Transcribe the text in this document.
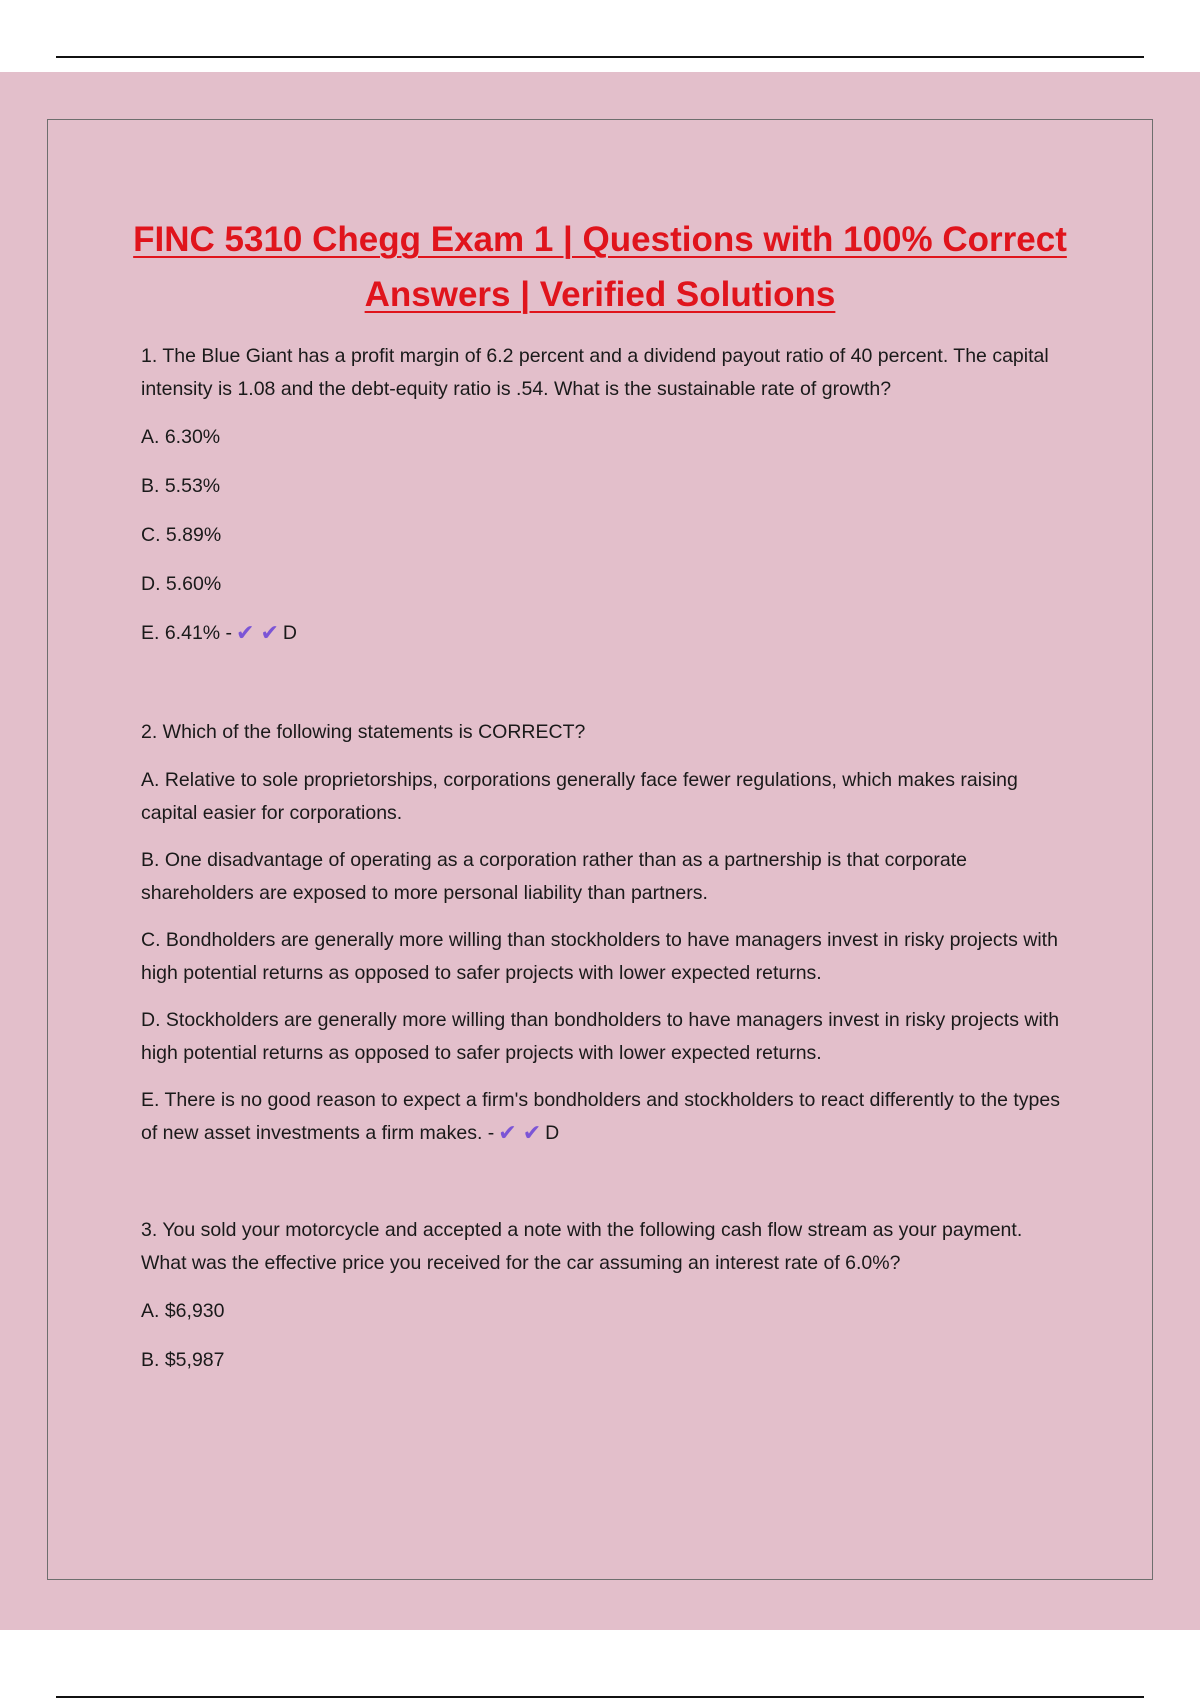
FINC 5310 Chegg Exam 1 | Questions with 100% Correct Answers | Verified Solutions

1. The Blue Giant has a profit margin of 6.2 percent and a dividend payout ratio of 40 percent. The capital intensity is 1.08 and the debt-equity ratio is .54. What is the sustainable rate of growth?

A. 6.30%

B. 5.53%

C. 5.89%

D. 5.60%

E. 6.41% - ✔ ✔ D

2. Which of the following statements is CORRECT?

A. Relative to sole proprietorships, corporations generally face fewer regulations, which makes raising capital easier for corporations.

B. One disadvantage of operating as a corporation rather than as a partnership is that corporate shareholders are exposed to more personal liability than partners.

C. Bondholders are generally more willing than stockholders to have managers invest in risky projects with high potential returns as opposed to safer projects with lower expected returns.

D. Stockholders are generally more willing than bondholders to have managers invest in risky projects with high potential returns as opposed to safer projects with lower expected returns.

E. There is no good reason to expect a firm's bondholders and stockholders to react differently to the types of new asset investments a firm makes. - ✔ ✔ D

3. You sold your motorcycle and accepted a note with the following cash flow stream as your payment. What was the effective price you received for the car assuming an interest rate of 6.0%?

A. $6,930

B. $5,987
